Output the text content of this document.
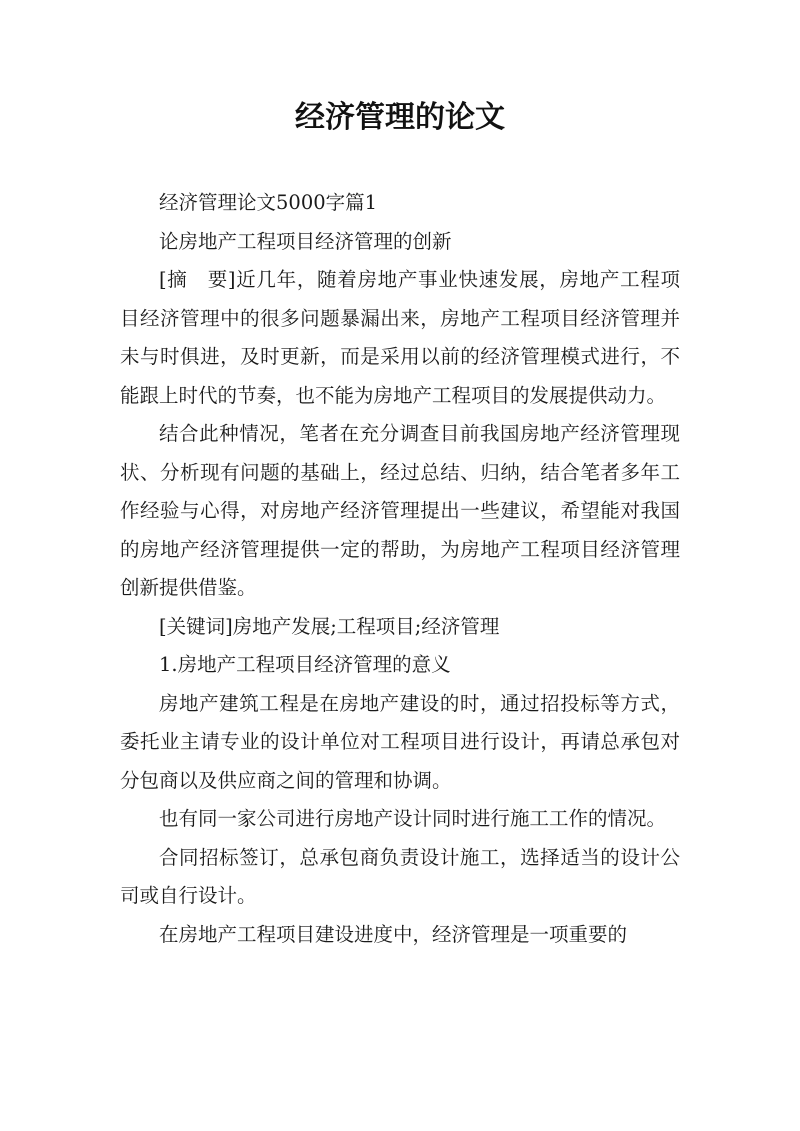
经济管理的论文

经济管理论文5000字篇1

论房地产工程项目经济管理的创新

[摘　要]近几年，随着房地产事业快速发展，房地产工程项目经济管理中的很多问题暴漏出来，房地产工程项目经济管理并未与时俱进，及时更新，而是采用以前的经济管理模式进行，不能跟上时代的节奏，也不能为房地产工程项目的发展提供动力。

结合此种情况，笔者在充分调查目前我国房地产经济管理现状、分析现有问题的基础上，经过总结、归纳，结合笔者多年工作经验与心得，对房地产经济管理提出一些建议，希望能对我国的房地产经济管理提供一定的帮助，为房地产工程项目经济管理创新提供借鉴。

[关键词]房地产发展;工程项目;经济管理

1.房地产工程项目经济管理的意义

房地产建筑工程是在房地产建设的时，通过招投标等方式，委托业主请专业的设计单位对工程项目进行设计，再请总承包对分包商以及供应商之间的管理和协调。

也有同一家公司进行房地产设计同时进行施工工作的情况。

合同招标签订，总承包商负责设计施工，选择适当的设计公司或自行设计。

在房地产工程项目建设进度中，经济管理是一项重要的
